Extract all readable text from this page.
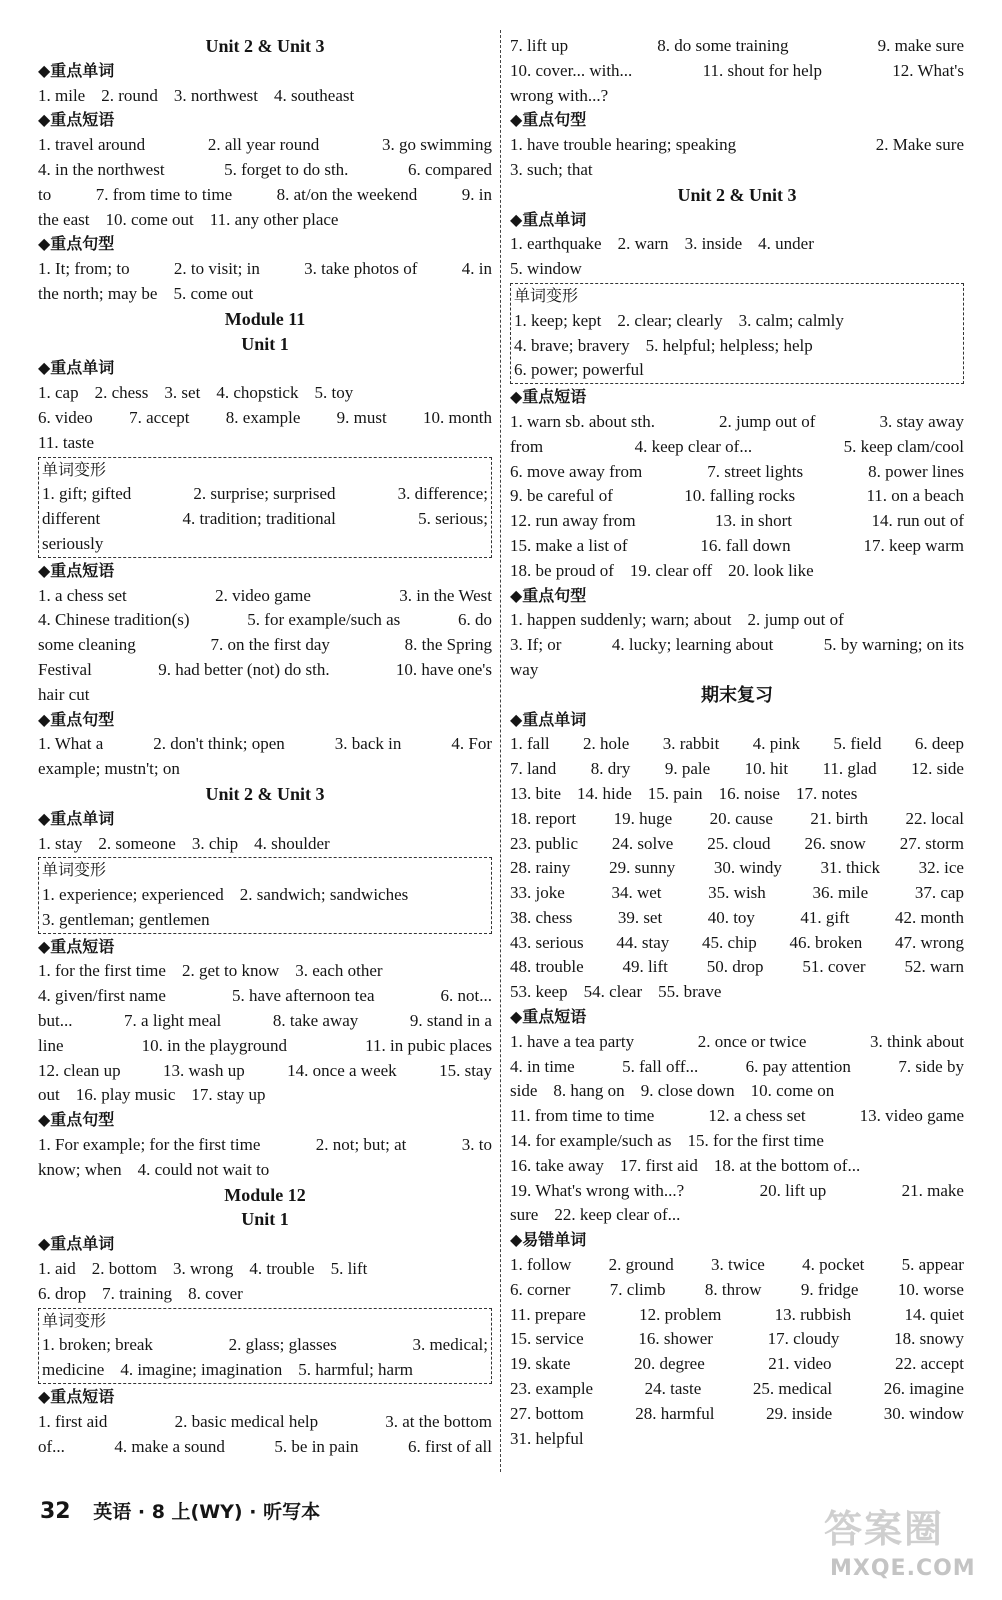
Unit 2 & Unit 3
◆重点单词
1. mile 2. round 3. northwest 4. southeast
◆重点短语
1. travel around	2. all year round	3. go swimming
4. in the northwest	5. forget to do sth.	6. compared
to	7. from time to time	8. at/on the weekend	9. in
the east 10. come out 11. any other place
◆重点句型
1. It; from; to	2. to visit; in	3. take photos of	4. in
the north; may be 5. come out
Module 11
Unit 1
◆重点单词
1. cap 2. chess 3. set 4. chopstick 5. toy
6. video 7. accept 8. example 9. must 10. month
11. taste
单词变形
1. gift; gifted	2. surprise; surprised	3. difference;
different	4. tradition; traditional	5. serious;
seriously
◆重点短语
1. a chess set	2. video game	3. in the West
4. Chinese tradition(s)	5. for example/such as	6. do
some cleaning	7. on the first day	8. the Spring
Festival	9. had better (not) do sth.	10. have one's
hair cut
◆重点句型
1. What a	2. don't think; open	3. back in	4. For
example; mustn't; on
Unit 2 & Unit 3
◆重点单词
1. stay 2. someone 3. chip 4. shoulder
单词变形
1. experience; experienced 2. sandwich; sandwiches
3. gentleman; gentlemen
◆重点短语
1. for the first time 2. get to know 3. each other
4. given/first name	5. have afternoon tea	6. not...
but...	7. a light meal	8. take away	9. stand in a
line	10. in the playground	11. in pubic places
12. clean up 13. wash up 14. once a week 15. stay
out 16. play music 17. stay up
◆重点句型
1. For example; for the first time	2. not; but; at	3. to
know; when 4. could not wait to
Module 12
Unit 1
◆重点单词
1. aid 2. bottom 3. wrong 4. trouble 5. lift
6. drop 7. training 8. cover
单词变形
1. broken; break	2. glass; glasses	3. medical;
medicine 4. imagine; imagination 5. harmful; harm
◆重点短语
1. first aid	2. basic medical help	3. at the bottom
of...	4. make a sound	5. be in pain	6. first of all
7. lift up	8. do some training	9. make sure
10. cover... with...	11. shout for help	12. What's
wrong with...?
◆重点句型
1. have trouble hearing; speaking	2. Make sure
3. such; that
Unit 2 & Unit 3
◆重点单词
1. earthquake 2. warn 3. inside 4. under
5. window
单词变形
1. keep; kept 2. clear; clearly 3. calm; calmly
4. brave; bravery 5. helpful; helpless; help
6. power; powerful
◆重点短语
1. warn sb. about sth.	2. jump out of	3. stay away
from	4. keep clear of...	5. keep clam/cool
6. move away from	7. street lights	8. power lines
9. be careful of	10. falling rocks	11. on a beach
12. run away from	13. in short	14. run out of
15. make a list of	16. fall down	17. keep warm
18. be proud of 19. clear off 20. look like
◆重点句型
1. happen suddenly; warn; about 2. jump out of
3. If; or	4. lucky; learning about	5. by warning; on its
way
期末复习
◆重点单词
1. fall 2. hole 3. rabbit 4. pink 5. field 6. deep
7. land 8. dry 9. pale 10. hit 11. glad 12. side
13. bite 14. hide 15. pain 16. noise 17. notes
18. report 19. huge 20. cause 21. birth 22. local
23. public 24. solve 25. cloud 26. snow 27. storm
28. rainy 29. sunny 30. windy 31. thick 32. ice
33. joke	34. wet	35. wish	36. mile	37. cap
38. chess	39. set	40. toy	41. gift	42. month
43. serious 44. stay 45. chip 46. broken 47. wrong
48. trouble 49. lift 50. drop 51. cover 52. warn
53. keep 54. clear 55. brave
◆重点短语
1. have a tea party	2. once or twice	3. think about
4. in time	5. fall off...	6. pay attention	7. side by
side 8. hang on 9. close down 10. come on
11. from time to time	12. a chess set	13. video game
14. for example/such as 15. for the first time
16. take away 17. first aid 18. at the bottom of...
19. What's wrong with...?	20. lift up	21. make
sure 22. keep clear of...
◆易错单词
1. follow 2. ground 3. twice 4. pocket 5. appear
6. corner 7. climb 8. throw 9. fridge 10. worse
11. prepare	12. problem	13. rubbish	14. quiet
15. service	16. shower	17. cloudy	18. snowy
19. skate	20. degree	21. video	22. accept
23. example	24. taste	25. medical	26. imagine
27. bottom	28. harmful	29. inside	30. window
31. helpful
32 英语 · 8 上(WY) · 听写本	答案圈
MXQE.COM
